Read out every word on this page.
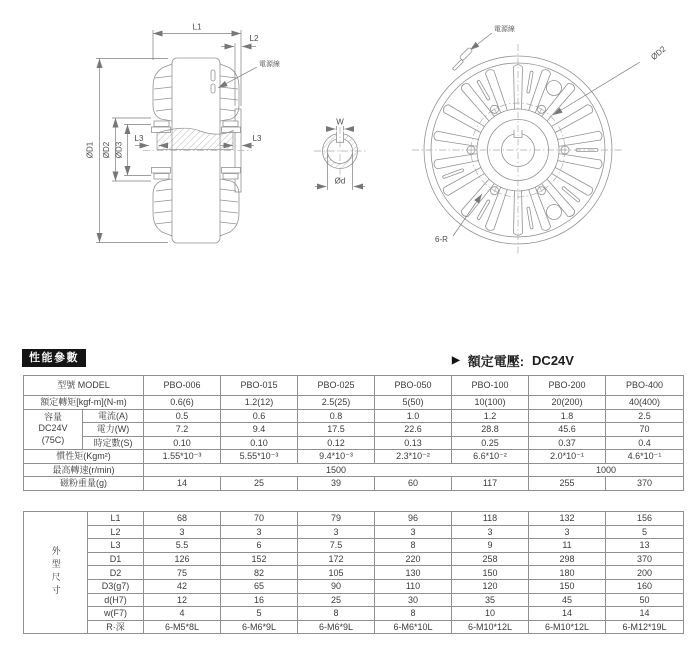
L1
L2
電源線
ØD1 ØD2 ØD3
L3	L3
W
Ød
電源線
ØD2
6-R
性能參數	▶ 額定電壓: DC24V
型號 MODEL		PBO-006	PBO-015	PBO-025	PBO-050	PBO-100	PBO-200	PBO-400
額定轉矩[kgf-m](N-m)		0.6(6)	1.2(12)	2.5(25)	5(50)	10(100)	20(200)	40(400)
容量
DC24V
(75C)	電流(A)	0.5	0.6	0.8	1.0	1.2	1.8	2.5
	電力(W)	7.2	9.4	17.5	22.6	28.8	45.6	70
	時定數(S)	0.10	0.10	0.12	0.13	0.25	0.37	0.4
慣性矩(Kgm²)		1.55*10⁻³	5.55*10⁻³	9.4*10⁻³	2.3*10⁻²	6.6*10⁻²	2.0*10⁻¹	4.6*10⁻¹
最高轉速(r/min)		1500					1000	
磁粉重量(g)		14	25	39	60	117	255	370
外型尺寸	L1	68	70	79	96	118	132	156
	L2	3	3	3	3	3	3	5
	L3	5.5	6	7.5	8	9	11	13
	D1	126	152	172	220	258	298	370
	D2	75	82	105	130	150	180	200
	D3(g7)	42	65	90	110	120	150	160
	d(H7)	12	16	25	30	35	45	50
	w(F7)	4	5	8	8	10	14	14
	R·深	6-M5*8L	6-M6*9L	6-M6*9L	6-M6*10L	6-M10*12L	6-M10*12L	6-M12*19L
